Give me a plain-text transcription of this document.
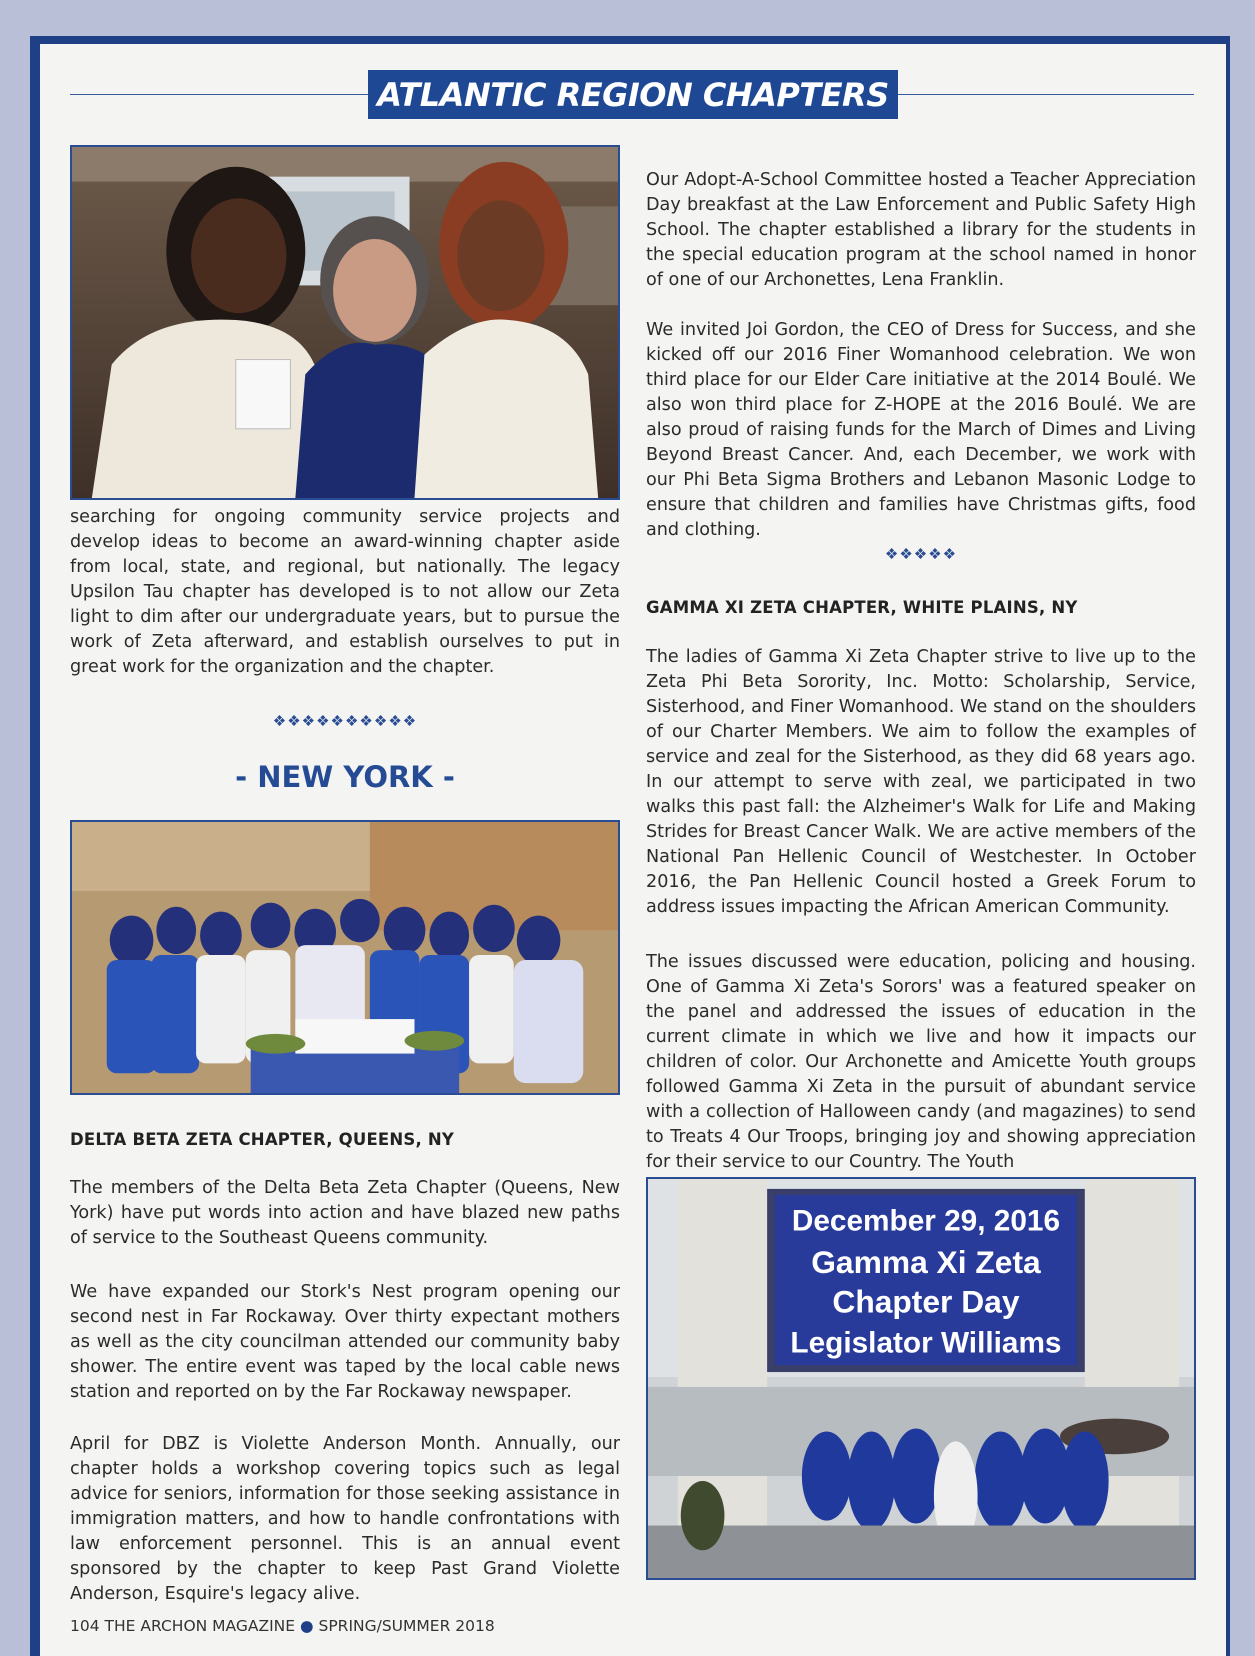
ATLANTIC REGION CHAPTERS

searching for ongoing community service projects and develop ideas to become an award-winning chapter aside from local, state, and regional, but nationally. The legacy Upsilon Tau chapter has developed is to not allow our Zeta light to dim after our undergraduate years, but to pursue the work of Zeta afterward, and establish ourselves to put in great work for the organization and the chapter.

❖❖❖❖❖❖❖❖❖❖
- NEW YORK -
DELTA BETA ZETA CHAPTER, QUEENS, NY

The members of the Delta Beta Zeta Chapter (Queens, New York) have put words into action and have blazed new paths of service to the Southeast Queens community.

We have expanded our Stork's Nest program opening our second nest in Far Rockaway. Over thirty expectant mothers as well as the city councilman attended our community baby shower. The entire event was taped by the local cable news station and reported on by the Far Rockaway newspaper.

April for DBZ is Violette Anderson Month. Annually, our chapter holds a workshop covering topics such as legal advice for seniors, information for those seeking assistance in immigration matters, and how to handle confrontations with law enforcement personnel. This is an annual event sponsored by the chapter to keep Past Grand Violette Anderson, Esquire's legacy alive.

Our Adopt-A-School Committee hosted a Teacher Appreciation Day breakfast at the Law Enforcement and Public Safety High School. The chapter established a library for the students in the special education program at the school named in honor of one of our Archonettes, Lena Franklin.

We invited Joi Gordon, the CEO of Dress for Success, and she kicked off our 2016 Finer Womanhood celebration. We won third place for our Elder Care initiative at the 2014 Boulé. We also won third place for Z-HOPE at the 2016 Boulé. We are also proud of raising funds for the March of Dimes and Living Beyond Breast Cancer. And, each December, we work with our Phi Beta Sigma Brothers and Lebanon Masonic Lodge to ensure that children and families have Christmas gifts, food and clothing.

❖❖❖❖❖
GAMMA XI ZETA CHAPTER, WHITE PLAINS, NY

The ladies of Gamma Xi Zeta Chapter strive to live up to the Zeta Phi Beta Sorority, Inc. Motto: Scholarship, Service, Sisterhood, and Finer Womanhood. We stand on the shoulders of our Charter Members. We aim to follow the examples of service and zeal for the Sisterhood, as they did 68 years ago. In our attempt to serve with zeal, we participated in two walks this past fall: the Alzheimer's Walk for Life and Making Strides for Breast Cancer Walk. We are active members of the National Pan Hellenic Council of Westchester. In October 2016, the Pan Hellenic Council hosted a Greek Forum to address issues impacting the African American Community.

The issues discussed were education, policing and housing. One of Gamma Xi Zeta's Sorors' was a featured speaker on the panel and addressed the issues of education in the current climate in which we live and how it impacts our children of color. Our Archonette and Amicette Youth groups followed Gamma Xi Zeta in the pursuit of abundant service with a collection of Halloween candy (and magazines) to send to Treats 4 Our Troops, bringing joy and showing appreciation for their service to our Country. The Youth

December 29, 2016
Gamma Xi Zeta
Chapter Day
Legislator Williams
104 THE ARCHON MAGAZINE ● SPRING/SUMMER 2018
